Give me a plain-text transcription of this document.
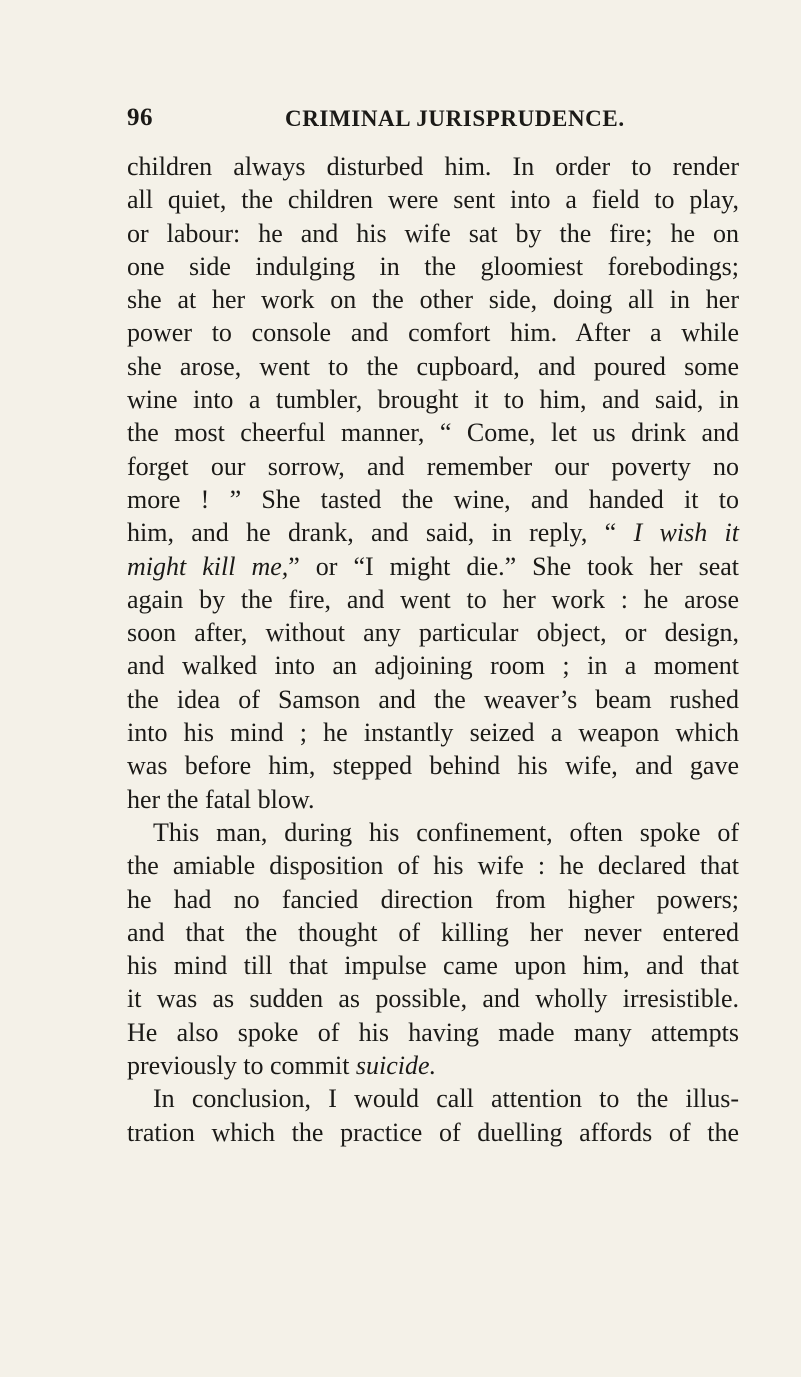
96	CRIMINAL JURISPRUDENCE.
children always disturbed him. In order to render
all quiet, the children were sent into a field to play,
or labour: he and his wife sat by the fire; he on
one side indulging in the gloomiest forebodings;
she at her work on the other side, doing all in her
power to console and comfort him. After a while
she arose, went to the cupboard, and poured some
wine into a tumbler, brought it to him, and said, in
the most cheerful manner, “ Come, let us drink and
forget our sorrow, and remember our poverty no
more ! ” She tasted the wine, and handed it to
him, and he drank, and said, in reply, “ I wish it
might kill me,” or “I might die.” She took her seat
again by the fire, and went to her work : he arose
soon after, without any particular object, or design,
and walked into an adjoining room ; in a moment
the idea of Samson and the weaver’s beam rushed
into his mind ; he instantly seized a weapon which
was before him, stepped behind his wife, and gave
her the fatal blow.
This man, during his confinement, often spoke of
the amiable disposition of his wife : he declared that
he had no fancied direction from higher powers;
and that the thought of killing her never entered
his mind till that impulse came upon him, and that
it was as sudden as possible, and wholly irresistible.
He also spoke of his having made many attempts
previously to commit suicide.
In conclusion, I would call attention to the illus-
tration which the practice of duelling affords of the
